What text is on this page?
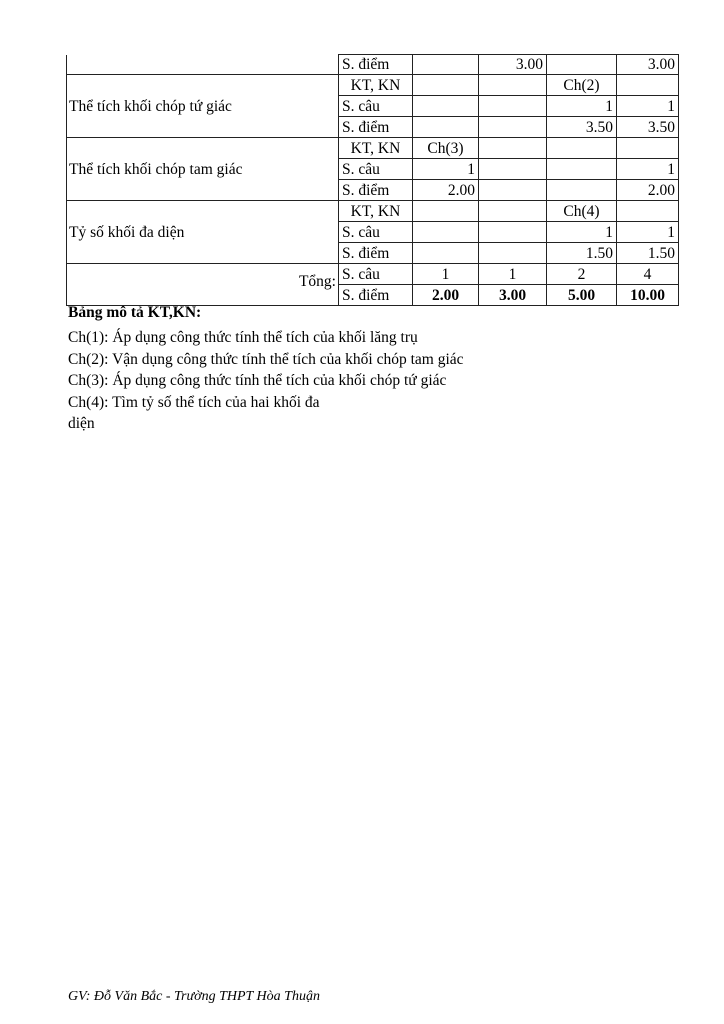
	S. điểm		3.00		3.00
Thể tích khối chóp tứ giác	KT, KN			Ch(2)	
	S. câu			1	1
	S. điểm			3.50	3.50
Thể tích khối chóp tam giác	KT, KN	Ch(3)			
	S. câu	1			1
	S. điểm	2.00			2.00
Tỷ số khối đa diện	KT, KN			Ch(4)	
	S. câu			1	1
	S. điểm			1.50	1.50
Tổng:	S. câu	1	1	2	4
	S. điểm	2.00	3.00	5.00	10.00
Bảng mô tả KT,KN:
Ch(1): Áp dụng công thức tính thể tích của khối lăng trụ
Ch(2): Vận dụng công thức tính thể tích của khối chóp tam giác
Ch(3): Áp dụng công thức tính thể tích của khối chóp tứ giác
Ch(4): Tìm tỷ số thể tích của hai khối đa
diện
GV: Đỗ Văn Bắc - Trường THPT Hòa Thuận
